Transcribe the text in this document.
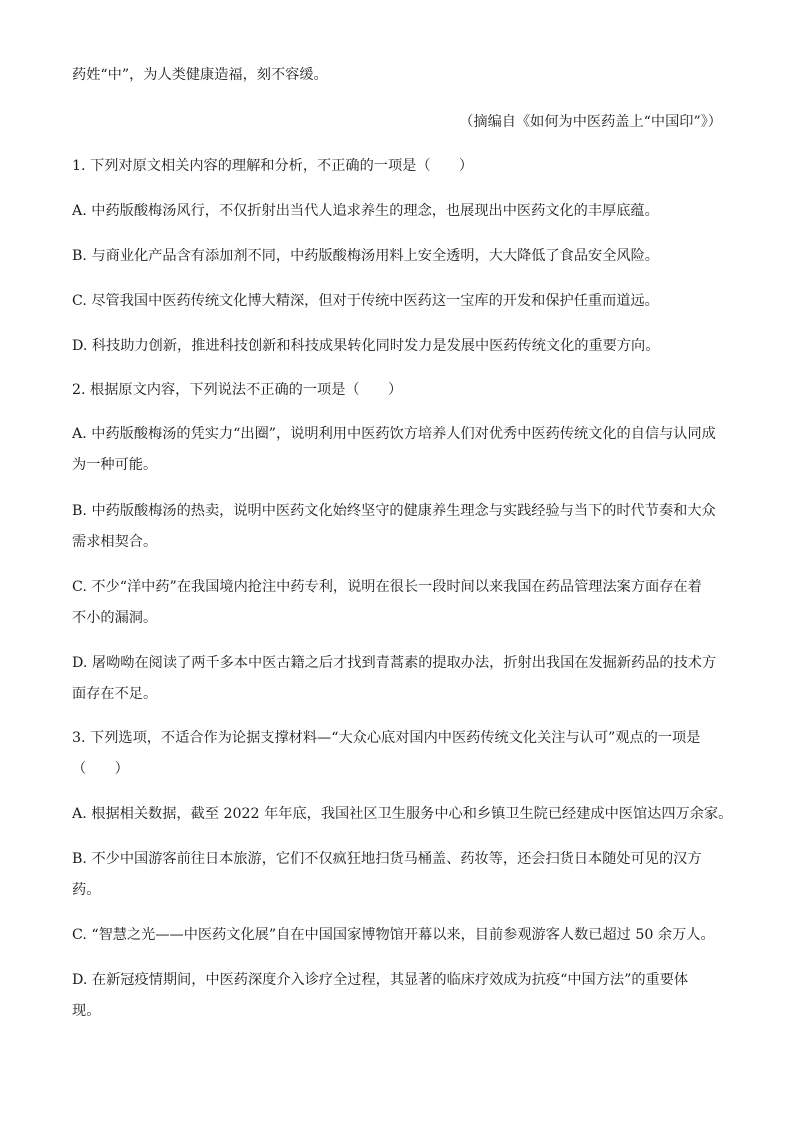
药姓“中”，为人类健康造福，刻不容缓。
（摘编自《如何为中医药盖上“中国印”》）
1. 下列对原文相关内容的理解和分析，不正确的一项是（　　）
A. 中药版酸梅汤风行，不仅折射出当代人追求养生的理念，也展现出中医药文化的丰厚底蕴。
B. 与商业化产品含有添加剂不同，中药版酸梅汤用料上安全透明，大大降低了食品安全风险。
C. 尽管我国中医药传统文化博大精深，但对于传统中医药这一宝库的开发和保护任重而道远。
D. 科技助力创新，推进科技创新和科技成果转化同时发力是发展中医药传统文化的重要方向。
2. 根据原文内容，下列说法不正确的一项是（　　）
A. 中药版酸梅汤的凭实力“出圈”，说明利用中医药饮方培养人们对优秀中医药传统文化的自信与认同成
为一种可能。
B. 中药版酸梅汤的热卖，说明中医药文化始终坚守的健康养生理念与实践经验与当下的时代节奏和大众
需求相契合。
C. 不少“洋中药”在我国境内抢注中药专利，说明在很长一段时间以来我国在药品管理法案方面存在着
不小的漏洞。
D. 屠呦呦在阅读了两千多本中医古籍之后才找到青蒿素的提取办法，折射出我国在发掘新药品的技术方
面存在不足。
3. 下列选项，不适合作为论据支撑材料—“大众心底对国内中医药传统文化关注与认可”观点的一项是
（　　）
A. 根据相关数据，截至 2022 年年底，我国社区卫生服务中心和乡镇卫生院已经建成中医馆达四万余家。
B. 不少中国游客前往日本旅游，它们不仅疯狂地扫货马桶盖、药妆等，还会扫货日本随处可见的汉方
药。
C. “智慧之光——中医药文化展”自在中国国家博物馆开幕以来，目前参观游客人数已超过 50 余万人。
D. 在新冠疫情期间，中医药深度介入诊疗全过程，其显著的临床疗效成为抗疫“中国方法”的重要体
现。
